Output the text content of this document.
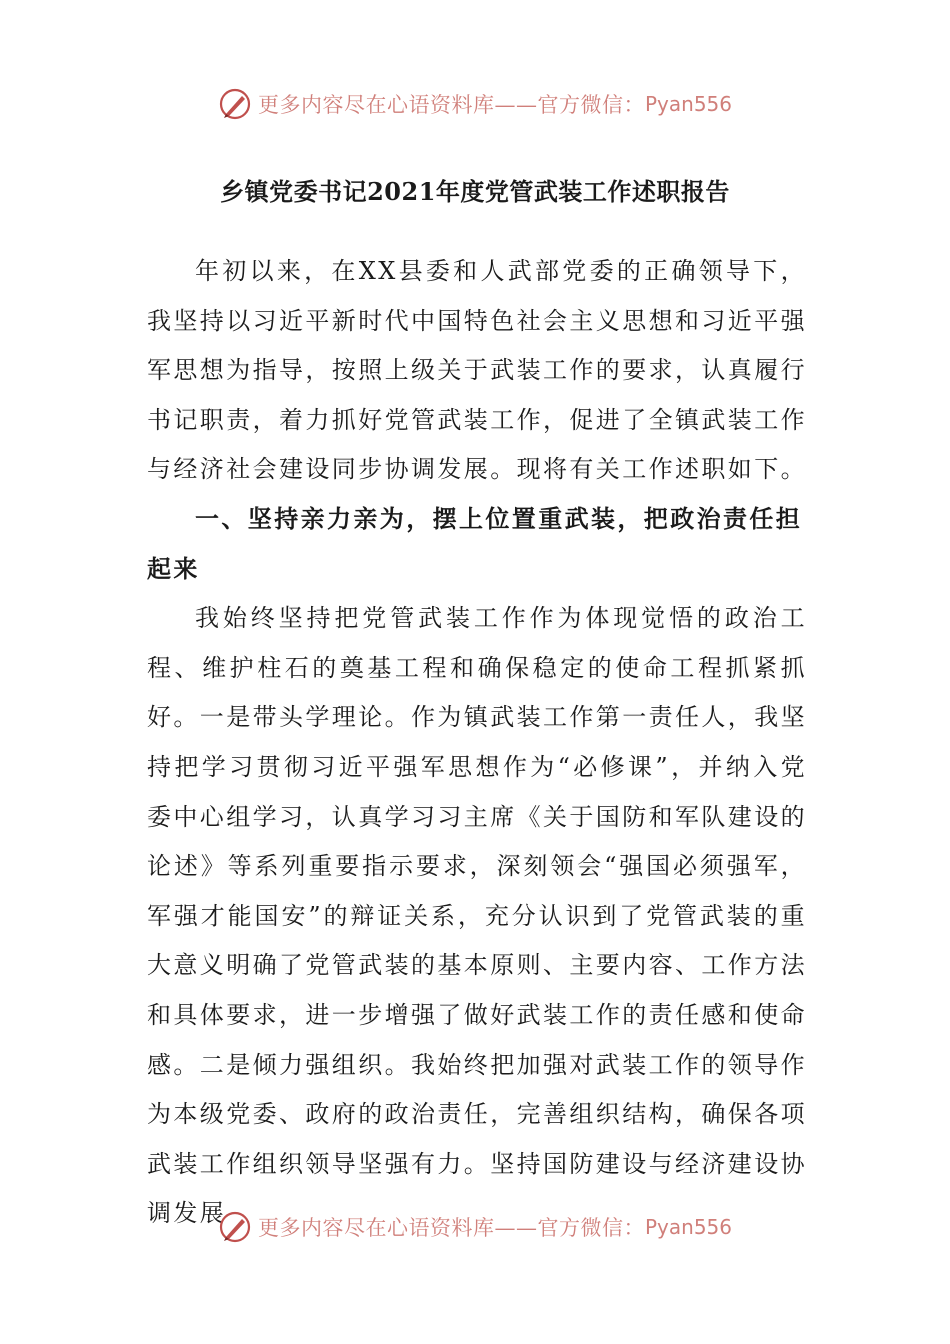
更多内容尽在心语资料库——官方微信： Pyan556
乡镇党委书记2021年度党管武装工作述职报告

年初以来，在XX县委和人武部党委的正确领导下，我坚持以习近平新时代中国特色社会主义思想和习近平强军思想为指导，按照上级关于武装工作的要求，认真履行书记职责，着力抓好党管武装工作，促进了全镇武装工作与经济社会建设同步协调发展。现将有关工作述职如下。

一、坚持亲力亲为，摆上位置重武装，把政治责任担起来

我始终坚持把党管武装工作作为体现觉悟的政治工程、维护柱石的奠基工程和确保稳定的使命工程抓紧抓好。一是带头学理论。作为镇武装工作第一责任人，我坚持把学习贯彻习近平强军思想作为“必修课”，并纳入党委中心组学习，认真学习习主席《关于国防和军队建设的论述》等系列重要指示要求，深刻领会“强国必须强军，军强才能国安”的辩证关系，充分认识到了党管武装的重大意义明确了党管武装的基本原则、主要内容、工作方法和具体要求，进一步增强了做好武装工作的责任感和使命感。二是倾力强组织。我始终把加强对武装工作的领导作为本级党委、政府的政治责任，完善组织结构，确保各项武装工作组织领导坚强有力。坚持国防建设与经济建设协调发展

更多内容尽在心语资料库——官方微信： Pyan556
